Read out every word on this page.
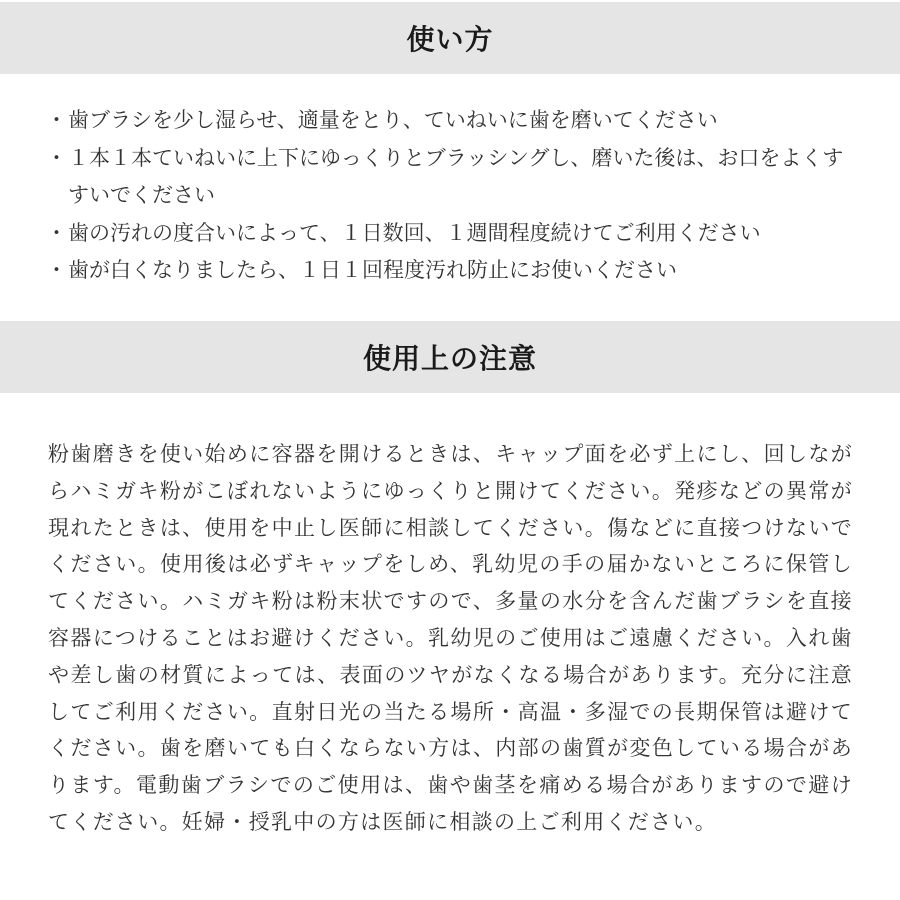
使い方
・ 歯ブラシを少し湿らせ、適量をとり、ていねいに歯を磨いてください
・ １本１本ていねいに上下にゆっくりとブラッシングし、磨いた後は、お口をよくすすいでください
・ 歯の汚れの度合いによって、１日数回、１週間程度続けてご利用ください
・ 歯が白くなりましたら、１日１回程度汚れ防止にお使いください
使用上の注意

粉歯磨きを使い始めに容器を開けるときは、キャップ面を必ず上にし、回しながらハミガキ粉がこぼれないようにゆっくりと開けてください。発疹などの異常が現れたときは、使用を中止し医師に相談してください。傷などに直接つけないでください。使用後は必ずキャップをしめ、乳幼児の手の届かないところに保管してください。ハミガキ粉は粉末状ですので、多量の水分を含んだ歯ブラシを直接容器につけることはお避けください。乳幼児のご使用はご遠慮ください。入れ歯や差し歯の材質によっては、表面のツヤがなくなる場合があります。充分に注意してご利用ください。直射日光の当たる場所・高温・多湿での長期保管は避けてください。歯を磨いても白くならない方は、内部の歯質が変色している場合があります。電動歯ブラシでのご使用は、歯や歯茎を痛める場合がありますので避けてください。妊婦・授乳中の方は医師に相談の上ご利用ください。
